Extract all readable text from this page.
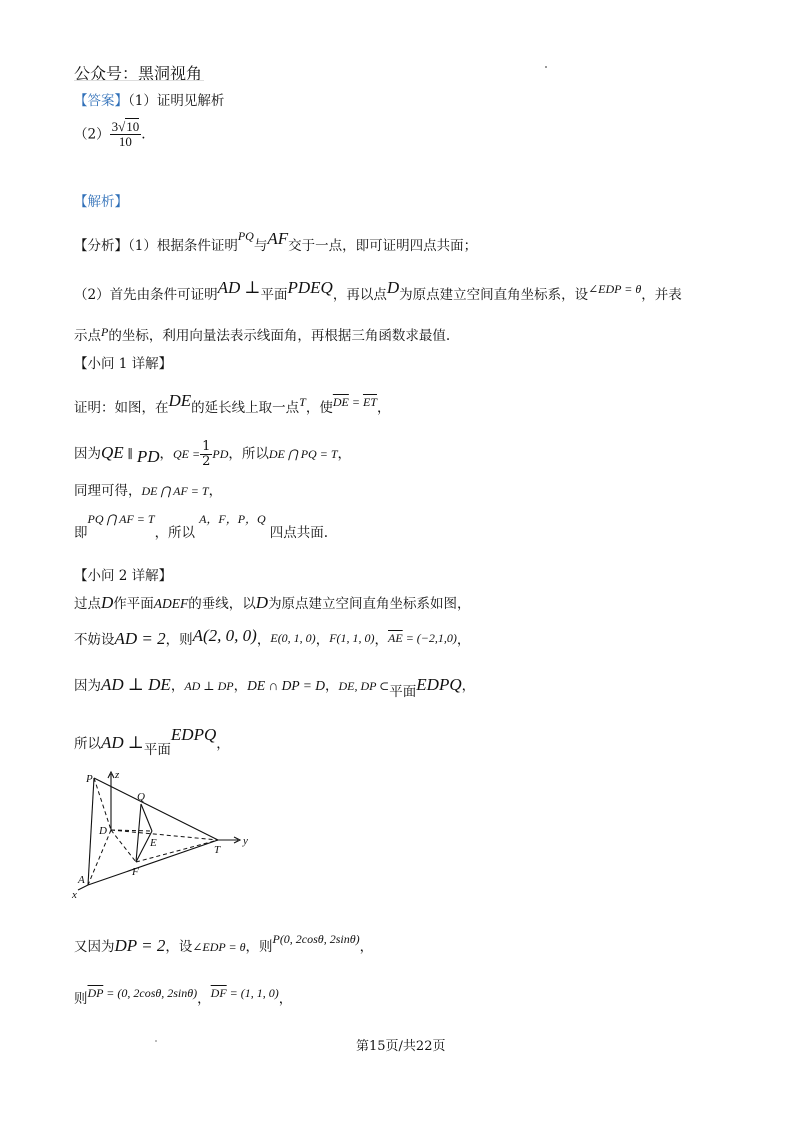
公众号：黑洞视角
【答案】（1）证明见解析
$(2) \frac{3√10}{10}$ .
【解析】
【分析】（1）根据条件证明PQ与AF交于一点，即可证明四点共面；
（2）首先由条件可证明AD ⊥平面PDEQ，再以点D为原点建立空间直角坐标系，设∠EDP = θ，并表
示点P的坐标，利用向量法表示线面角，再根据三角函数求最值.
【小问 1 详解】
证明：如图，在DE的延长线上取一点T，使$\overline{DE} = \overline{ET}$，
因为QE ∥ PD，QE = $\frac{1}{2}$ PD，所以DE ⋂ PQ = T，
同理可得，DE ⋂ AF = T，
即PQ ⋂ AF = T，所以A，F，P，Q四点共面.
【小问 2 详解】
过点D作平面ADEF的垂线，以D为原点建立空间直角坐标系如图，
不妨设AD = 2，则A(2, 0, 0)，E(0, 1, 0)，F(1, 1, 0)，$\overline{AE} = (-2,1,0)$，
因为AD ⊥ DE，AD ⊥ DP，DE ∩ DP = D，DE, DP ⊂平面EDPQ，
所以AD ⊥平面EDPQ，
P z
Q
D
E
T
y
A
F
x
又因为DP = 2，设∠EDP = θ，则P(0, 2cosθ, 2sinθ)，
则$\overline{DP} = (0$, 2cosθ, 2sinθ)，$\overline{DF} = (1$, 1, 0)，
第15页/共22页
